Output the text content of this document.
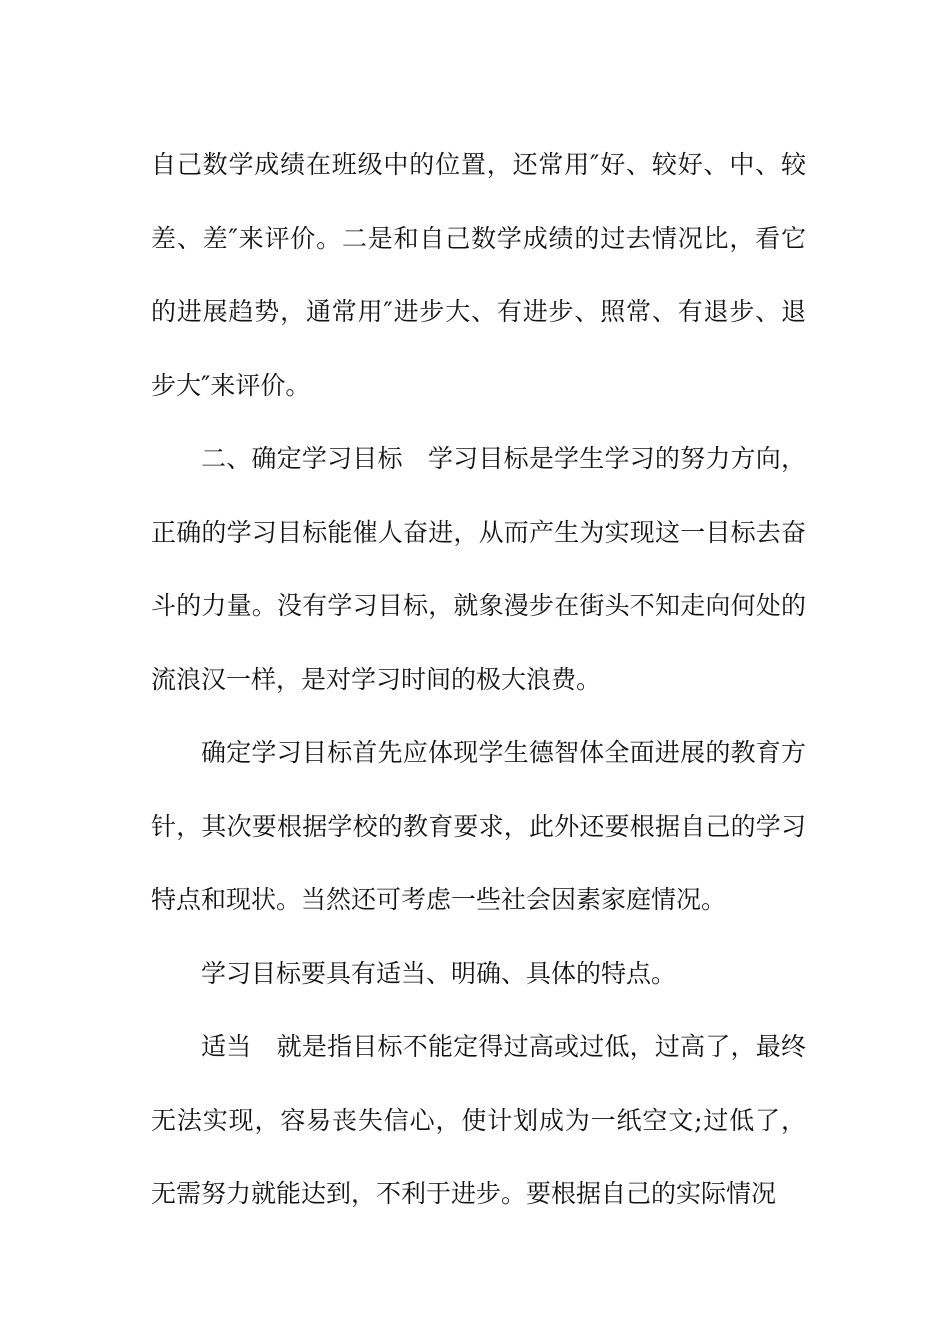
自己数学成绩在班级中的位置，还常用″好、较好、中、较差、差″来评价。二是和自己数学成绩的过去情况比，看它的进展趋势，通常用″进步大、有进步、照常、有退步、退步大″来评价。

二、确定学习目标　学习目标是学生学习的努力方向，正确的学习目标能催人奋进，从而产生为实现这一目标去奋斗的力量。没有学习目标，就象漫步在街头不知走向何处的流浪汉一样，是对学习时间的极大浪费。

确定学习目标首先应体现学生德智体全面进展的教育方针，其次要根据学校的教育要求，此外还要根据自己的学习特点和现状。当然还可考虑一些社会因素家庭情况。

学习目标要具有适当、明确、具体的特点。

适当　就是指目标不能定得过高或过低，过高了，最终无法实现，容易丧失信心，使计划成为一纸空文;过低了，无需努力就能达到，不利于进步。要根据自己的实际情况
